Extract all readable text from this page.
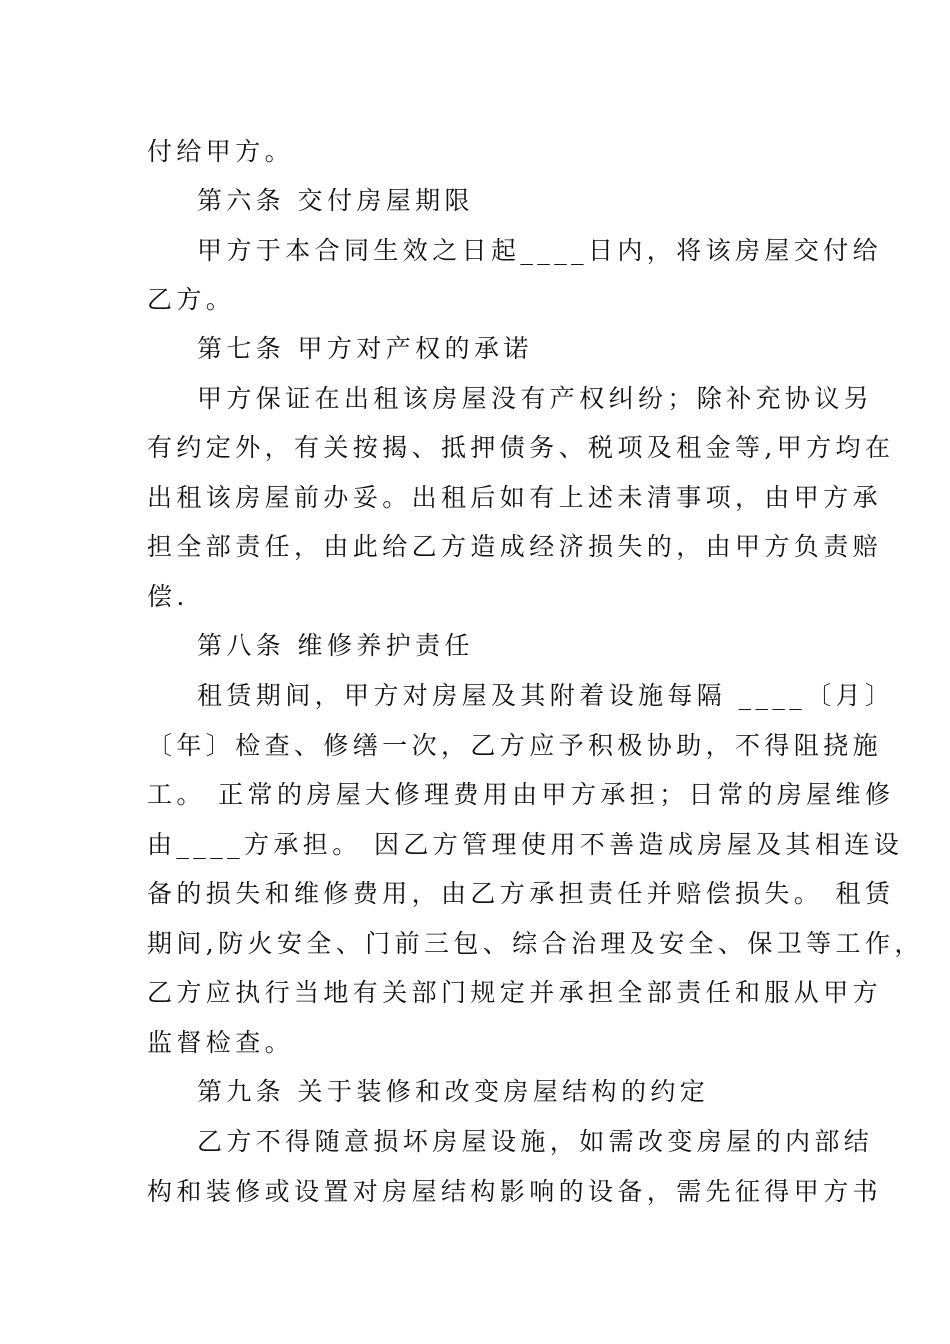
付给甲方。
第六条 交付房屋期限
甲方于本合同生效之日起____日内，将该房屋交付给
乙方。
第七条 甲方对产权的承诺
甲方保证在出租该房屋没有产权纠纷；除补充协议另
有约定外，有关按揭、抵押债务、税项及租金等,甲方均在
出租该房屋前办妥。出租后如有上述未清事项，由甲方承
担全部责任，由此给乙方造成经济损失的，由甲方负责赔
偿.
第八条 维修养护责任
租赁期间，甲方对房屋及其附着设施每隔 ____〔月〕
〔年〕检查、修缮一次，乙方应予积极协助，不得阻挠施
工。 正常的房屋大修理费用由甲方承担；日常的房屋维修
由____方承担。 因乙方管理使用不善造成房屋及其相连设
备的损失和维修费用，由乙方承担责任并赔偿损失。 租赁
期间,防火安全、门前三包、综合治理及安全、保卫等工作，
乙方应执行当地有关部门规定并承担全部责任和服从甲方
监督检查。
第九条 关于装修和改变房屋结构的约定
乙方不得随意损坏房屋设施，如需改变房屋的内部结
构和装修或设置对房屋结构影响的设备，需先征得甲方书
